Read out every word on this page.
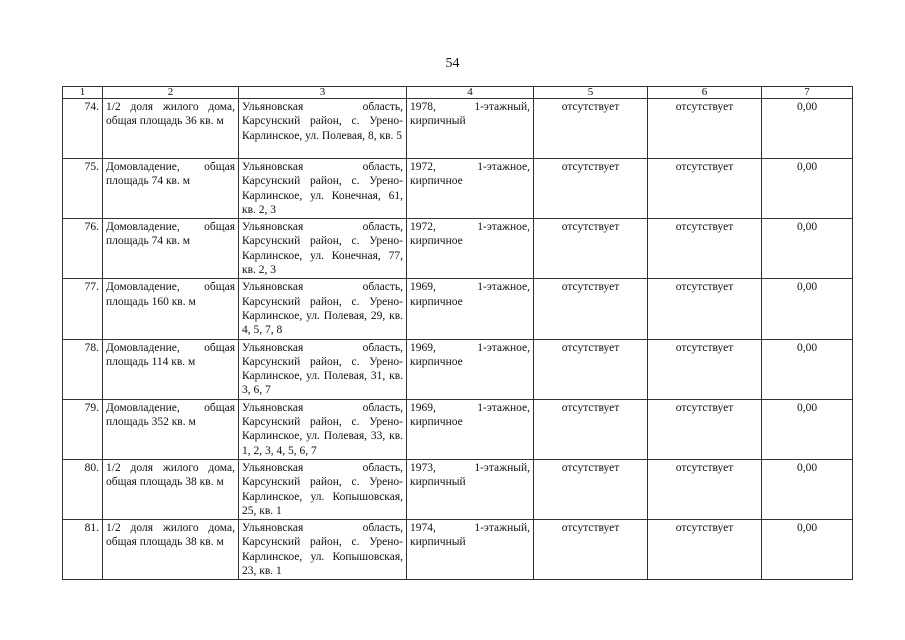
54
1	2	3	4	5	6	7
74.	1/2 доля жилого дома, общая площадь 36 кв. м	Ульяновская область, Карсунский район, с. Урено-Карлинское, ул. Полевая, 8, кв. 5	1978, 1-этажный,
кирпичный	отсутствует	отсутствует	0,00
75.	Домовладение, общая площадь 74 кв. м	Ульяновская область, Карсунский район, с. Урено-Карлинское, ул. Конечная, 61, кв. 2, 3	1972, 1-этажное,
кирпичное	отсутствует	отсутствует	0,00
76.	Домовладение, общая площадь 74 кв. м	Ульяновская область, Карсунский район, с. Урено-Карлинское, ул. Конечная, 77, кв. 2, 3	1972, 1-этажное,
кирпичное	отсутствует	отсутствует	0,00
77.	Домовладение, общая площадь 160 кв. м	Ульяновская область, Карсунский район, с. Урено-Карлинское, ул. Полевая, 29, кв. 4, 5, 7, 8	1969, 1-этажное,
кирпичное	отсутствует	отсутствует	0,00
78.	Домовладение, общая площадь 114 кв. м	Ульяновская область, Карсунский район, с. Урено-Карлинское, ул. Полевая, 31, кв. 3, 6, 7	1969, 1-этажное,
кирпичное	отсутствует	отсутствует	0,00
79.	Домовладение, общая площадь 352 кв. м	Ульяновская область, Карсунский район, с. Урено-Карлинское, ул. Полевая, 33, кв. 1, 2, 3, 4, 5, 6, 7	1969, 1-этажное,
кирпичное	отсутствует	отсутствует	0,00
80.	1/2 доля жилого дома, общая площадь 38 кв. м	Ульяновская область, Карсунский район, с. Урено-Карлинское, ул. Копышовская, 25, кв. 1	1973, 1-этажный,
кирпичный	отсутствует	отсутствует	0,00
81.	1/2 доля жилого дома, общая площадь 38 кв. м	Ульяновская область, Карсунский район, с. Урено-Карлинское, ул. Копышовская, 23, кв. 1	1974, 1-этажный,
кирпичный	отсутствует	отсутствует	0,00
